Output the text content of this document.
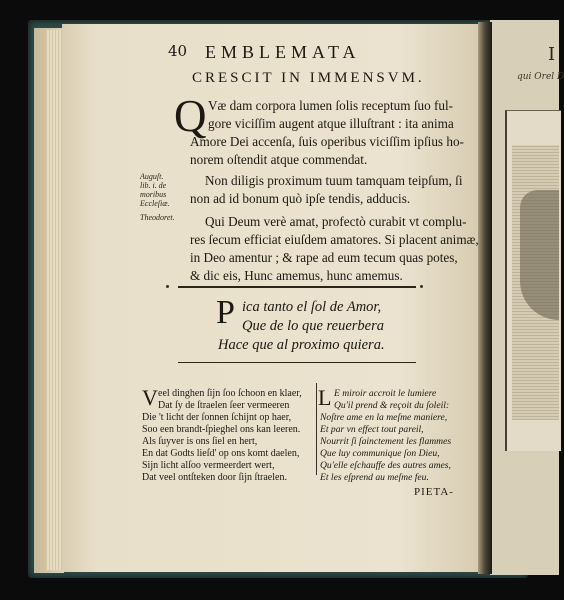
qui Orel D
I
40 EMBLEMATA
CRESCIT IN IMMENSVM.
Q Væ dam corpora lumen ſolis receptum ſuo ful-
gore viciſſim augent atque illuſtrant : ita anima
Amore Dei accenſa, ſuis operibus viciſſim ipſius ho-
norem oſtendit atque commendat.
Auguſt.
lib. i. de
moribus
Eccleſiæ.
Non diligis proximum tuum tamquam teipſum, ſi
non ad id bonum quò ipſe tendis, adducis.
Theodoret. Qui Deum verè amat, profectò curabit vt complu-
res ſecum efficiat eiuſdem amatores. Si placent animæ,
in Deo amentur ; & rape ad eum tecum quas potes,
& dic eis, Hunc amemus, hunc amemus.
P ica tanto el ſol de Amor,
Que de lo que reuerbera
Hace que al proximo quiera.
V eel dinghen ſijn ſoo ſchoon en klaer,
Dat ſy de ſtraelen ſeer vermeeren
Die 't licht der ſonnen ſchijnt op haer,
Soo een brandt-ſpieghel ons kan leeren.
Als ſuyver is ons ſiel en hert,
En dat Godts lieſd' op ons komt daelen,
Sijn licht alſoo vermeerdert wert,
Dat veel ontſteken door ſijn ſtraelen.
L E miroir accroit le lumiere
Qu'il prend & reçoit du ſoleil:
Noſtre ame en la meſme maniere,
Et par vn effect tout pareil,
Nourrit ſi ſainctement les flammes
Que luy communique ſon Dieu,
Qu'elle eſchauffe des autres ames,
Et les eſprend au meſme feu.
PIETA-
